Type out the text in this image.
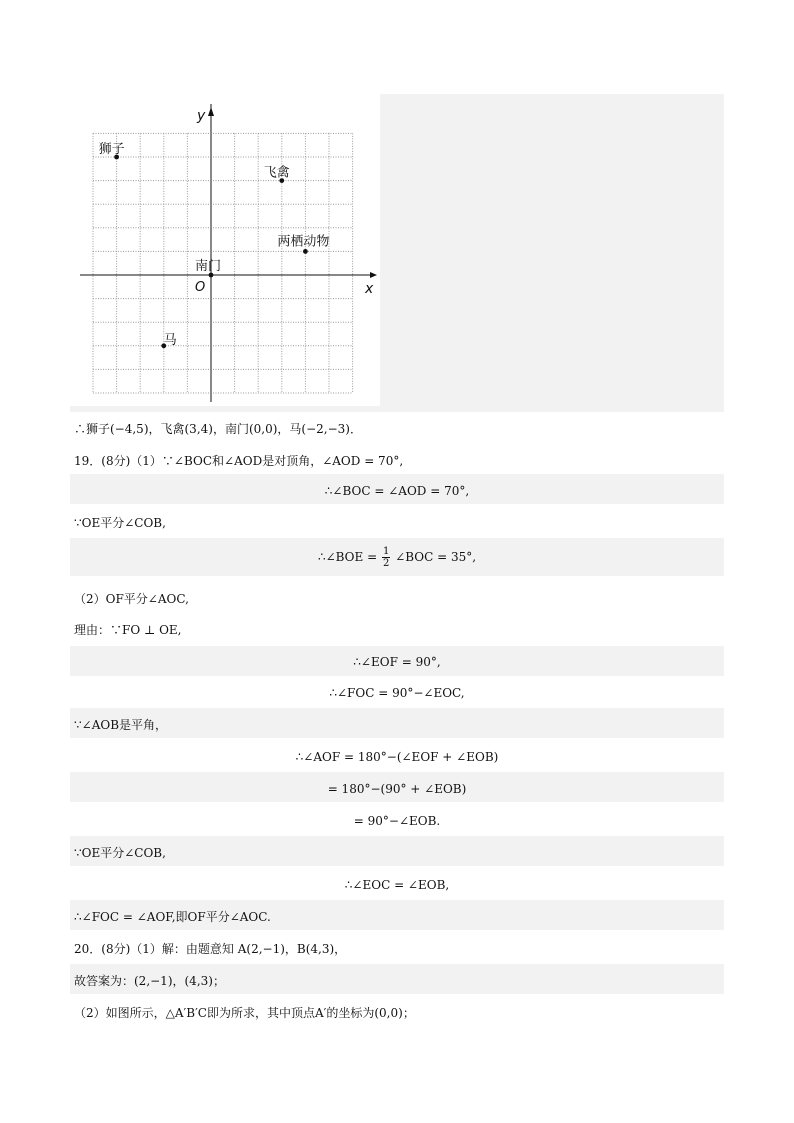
x
y
O
狮子
飞禽
两栖动物
南门
马
∴狮子(−4,5)，飞禽(3,4)，南门(0,0)，马(−2,−3)．
19．(8分)（1）∵∠BOC和∠AOD是对顶角，∠AOD = 70°,
∴∠BOC = ∠AOD = 70°,
∵OE平分∠COB,
∴∠BOE = $\frac{1}{2}$ ∠BOC = 35°,
（2）OF平分∠AOC,
理由：∵FO ⊥ OE,
∴∠EOF = 90°,
∴∠FOC = 90°−∠EOC,
∵∠AOB是平角，
∴∠AOF = 180°−(∠EOF + ∠EOB)
= 180°−(90° + ∠EOB)
= 90°−∠EOB.
∵OE平分∠COB,
∴∠EOC = ∠EOB,
∴∠FOC = ∠AOF,即OF平分∠AOC.
20．(8分)（1）解：由题意知 A(2,−1)，B(4,3)，
故答案为：(2,−1)，(4,3)；
（2）如图所示，△A′B′C即为所求，其中顶点A′的坐标为(0,0)；
